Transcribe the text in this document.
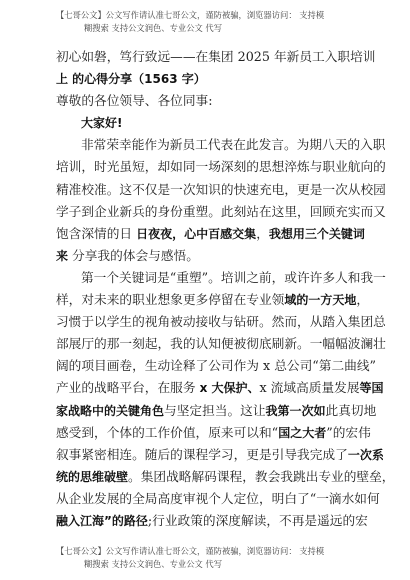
【七哥公文】公文写作请认准七哥公文，谨防被骗，浏览器访问： 支持模
糊搜索 支持公文润色、专业公文 代写

初心如磐，笃行致远——在集团 2025 年新员工入职培训

上 的心得分享（1563 字）

尊敬的各位领导、各位同事:

大家好!

非常荣幸能作为新员工代表在此发言。为期八天的入职

培训，时光虽短，却如同一场深刻的思想淬炼与职业航向的

精准校准。这不仅是一次知识的快速充电，更是一次从校园

学子到企业新兵的身份重塑。此刻站在这里，回顾充实而又

饱含深情的日 日夜夜，心中百感交集，我想用三个关键词

来 分享我的体会与感悟。

第一个关键词是“重塑”。培训之前，或许许多人和我一

样，对未来的职业想象更多停留在专业领域的一方天地，

习惯于以学生的视角被动接收与钻研。然而，从踏入集团总

部展厅的那一刻起，我的认知便被彻底刷新。一幅幅波澜壮

阔的项目画卷，生动诠释了公司作为 x 总公司“第二曲线”

产业的战略平台，在服务 x 大保护、x 流域高质量发展等国

家战略中的关键角色与坚定担当。这让我第一次如此真切地

感受到，个体的工作价值，原来可以和“国之大者”的宏伟

叙事紧密相连。随后的课程学习，更是引导我完成了一次系

统的思维破壁。集团战略解码课程，教会我跳出专业的壁垒，

从企业发展的全局高度审视个人定位，明白了“一滴水如何

融入江海”的路径;行业政策的深度解读，不再是遥远的宏

【七哥公文】公文写作请认准七哥公文，谨防被骗，浏览器访问： 支持模
糊搜索 支持公文润色、专业公文 代写
